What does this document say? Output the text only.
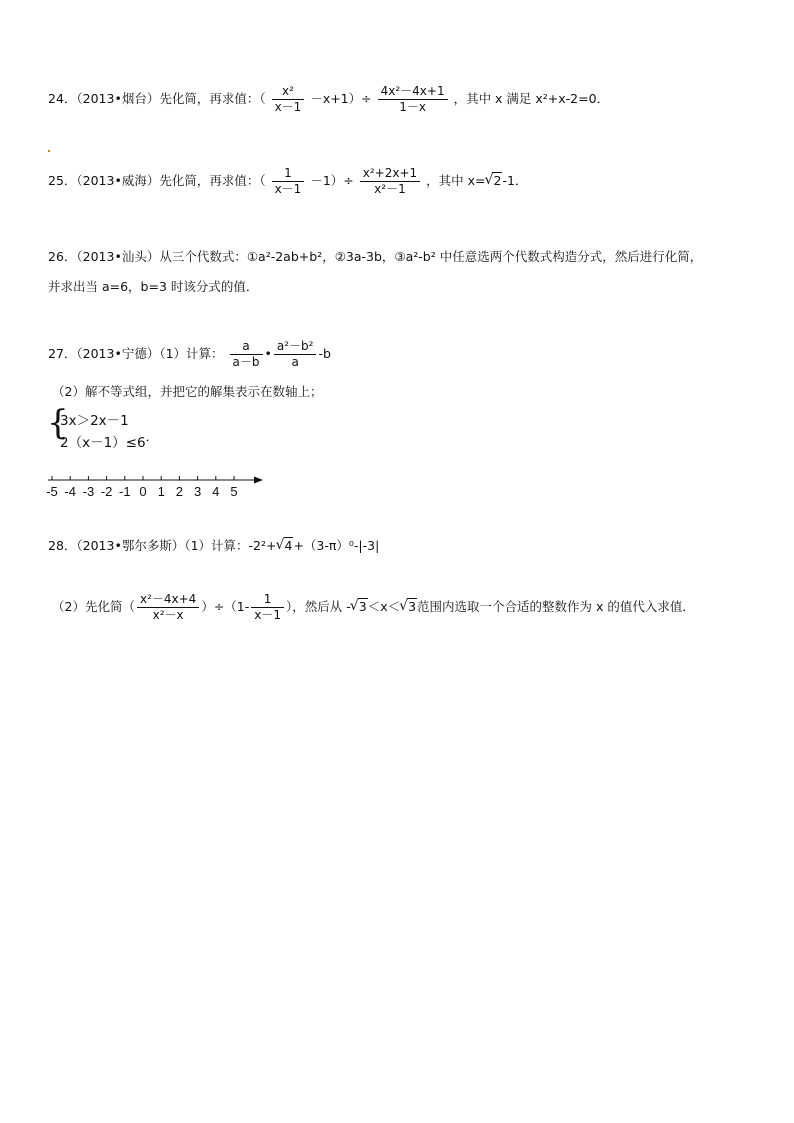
24．（2013•烟台）先化简，再求值：（ $\frac{\text{x²}}{x-1} -x+1)\div \frac{\text{4x²－4x+1}}{1-x}$ ，其中 x 满足 x²+x-2=0．
25．（2013•威海）先化简，再求值：（ $\frac{1}{x-1} -1)\div \frac{\text{x²+2x+1}}{\text{x²－1}}$ ，其中 x= √ 2-1．
26．（2013•汕头）从三个代数式：①a²-2ab+b²，②3a-3b，③a²-b² 中任意选两个代数式构造分式，然后进行化简，
并求出当 a=6，b=3 时该分式的值．
27．（2013•宁德）（1）计算： $\frac{a}{a-b}$ • $\frac{\text{a²－b²}}{a} -b$
（2）解不等式组，并把它的解集表示在数轴上；
{
3x＞2x－1
2（x－1）≤6 ．
-5 -4 -3 -2 -1 0 1 2 3 4 5
28．（2013•鄂尔多斯）（1）计算：-2²+ √ 4+（3-π）⁰-|-3|
（2）先化简（ $\frac{\text{x²－4x+4}}{\text{x²－x}} )\div(1- \frac{1}{x-1}$ ），然后从 - √ 3＜x＜ √ 3范围内选取一个合适的整数作为 x 的值代入求值．
